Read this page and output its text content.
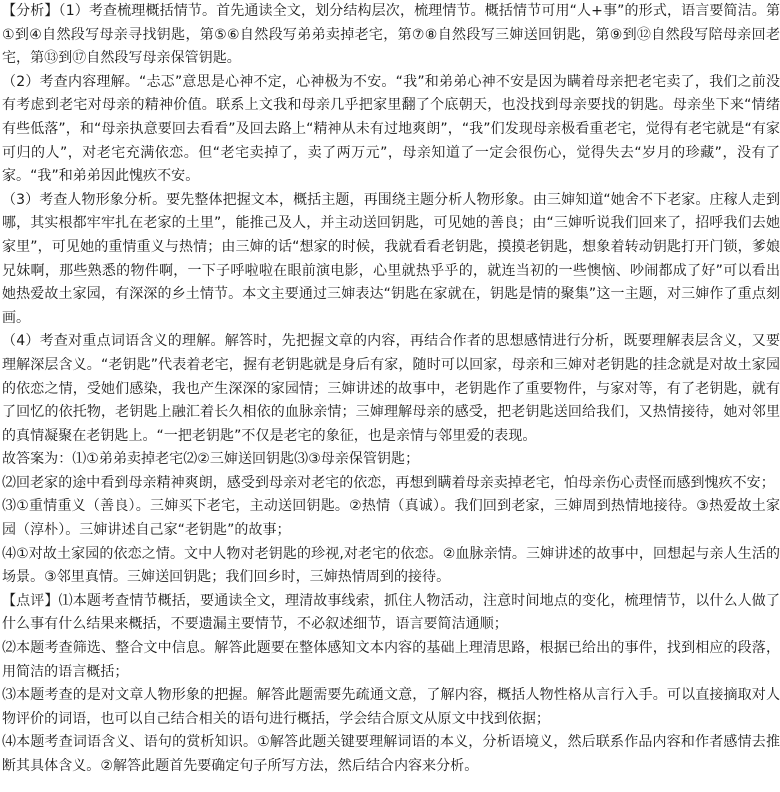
【分析】（1）考查梳理概括情节。首先通读全文，划分结构层次，梳理情节。概括情节可用“人+事”的形式，语言要简洁。第①到④自然段写母亲寻找钥匙，第⑤⑥自然段写弟弟卖掉老宅，第⑦⑧自然段写三婶送回钥匙，第⑨到⑫自然段写陪母亲回老宅，第⑬到⑰自然段写母亲保管钥匙。

（2）考查内容理解。“忐忑”意思是心神不定，心神极为不安。“我”和弟弟心神不安是因为瞒着母亲把老宅卖了，我们之前没有考虑到老宅对母亲的精神价值。联系上文我和母亲几乎把家里翻了个底朝天，也没找到母亲要找的钥匙。母亲坐下来“情绪有些低落”，和“母亲执意要回去看看”及回去路上“精神从未有过地爽朗”，“我”们发现母亲极看重老宅，觉得有老宅就是“有家可归的人”，对老宅充满依恋。但“老宅卖掉了，卖了两万元”，母亲知道了一定会很伤心，觉得失去“岁月的珍藏”，没有了家。“我”和弟弟因此愧疚不安。

（3）考查人物形象分析。要先整体把握文本，概括主题，再围绕主题分析人物形象。由三婶知道“她舍不下老家。庄稼人走到哪，其实根都牢牢扎在老家的土里”，能推己及人，并主动送回钥匙，可见她的善良；由“三婶听说我们回来了，招呼我们去她家里”，可见她的重情重义与热情；由三婶的话“想家的时候，我就看看老钥匙，摸摸老钥匙，想象着转动钥匙打开门锁，爹娘兄妹啊，那些熟悉的物件啊，一下子呼啦啦在眼前演电影，心里就热乎乎的，就连当初的一些懊恼、吵闹都成了好”可以看出她热爱故土家园，有深深的乡土情节。本文主要通过三婶表达“钥匙在家就在，钥匙是情的聚集”这一主题，对三婶作了重点刻画。

（4）考查对重点词语含义的理解。解答时，先把握文章的内容，再结合作者的思想感情进行分析，既要理解表层含义，又要理解深层含义。“老钥匙”代表着老宅，握有老钥匙就是身后有家，随时可以回家，母亲和三婶对老钥匙的挂念就是对故土家园的依恋之情，受她们感染，我也产生深深的家园情；三婶讲述的故事中，老钥匙作了重要物件，与家对等，有了老钥匙，就有了回忆的依托物，老钥匙上融汇着长久相依的血脉亲情；三婶理解母亲的感受，把老钥匙送回给我们，又热情接待，她对邻里的真情凝聚在老钥匙上。“一把老钥匙”不仅是老宅的象征，也是亲情与邻里爱的表现。

故答案为：⑴①弟弟卖掉老宅⑵②三婶送回钥匙⑶③母亲保管钥匙；

⑵回老家的途中看到母亲精神爽朗，感受到母亲对老宅的依恋，再想到瞒着母亲卖掉老宅，怕母亲伤心责怪而感到愧疚不安；

⑶①重情重义（善良）。三婶买下老宅，主动送回钥匙。②热情（真诚）。我们回到老家，三婶周到热情地接待。③热爱故土家园（淳朴）。三婶讲述自己家“老钥匙”的故事；

⑷①对故土家园的依恋之情。文中人物对老钥匙的珍视,对老宅的依恋。②血脉亲情。三婶讲述的故事中，回想起与亲人生活的场景。③邻里真情。三婶送回钥匙；我们回乡时，三婶热情周到的接待。

【点评】⑴本题考查情节概括，要通读全文，理清故事线索，抓住人物活动，注意时间地点的变化，梳理情节，以什么人做了什么事有什么结果来概括，不要遗漏主要情节，不必叙述细节，语言要简洁通顺；

⑵本题考查筛选、整合文中信息。解答此题要在整体感知文本内容的基础上理清思路，根据已给出的事件，找到相应的段落，用简洁的语言概括；

⑶本题考查的是对文章人物形象的把握。解答此题需要先疏通文意，了解内容，概括人物性格从言行入手。可以直接摘取对人物评价的词语，也可以自己结合相关的语句进行概括，学会结合原文从原文中找到依据；

⑷本题考查词语含义、语句的赏析知识。①解答此题关键要理解词语的本义，分析语境义，然后联系作品内容和作者感情去推断其具体含义。②解答此题首先要确定句子所写方法，然后结合内容来分析。
